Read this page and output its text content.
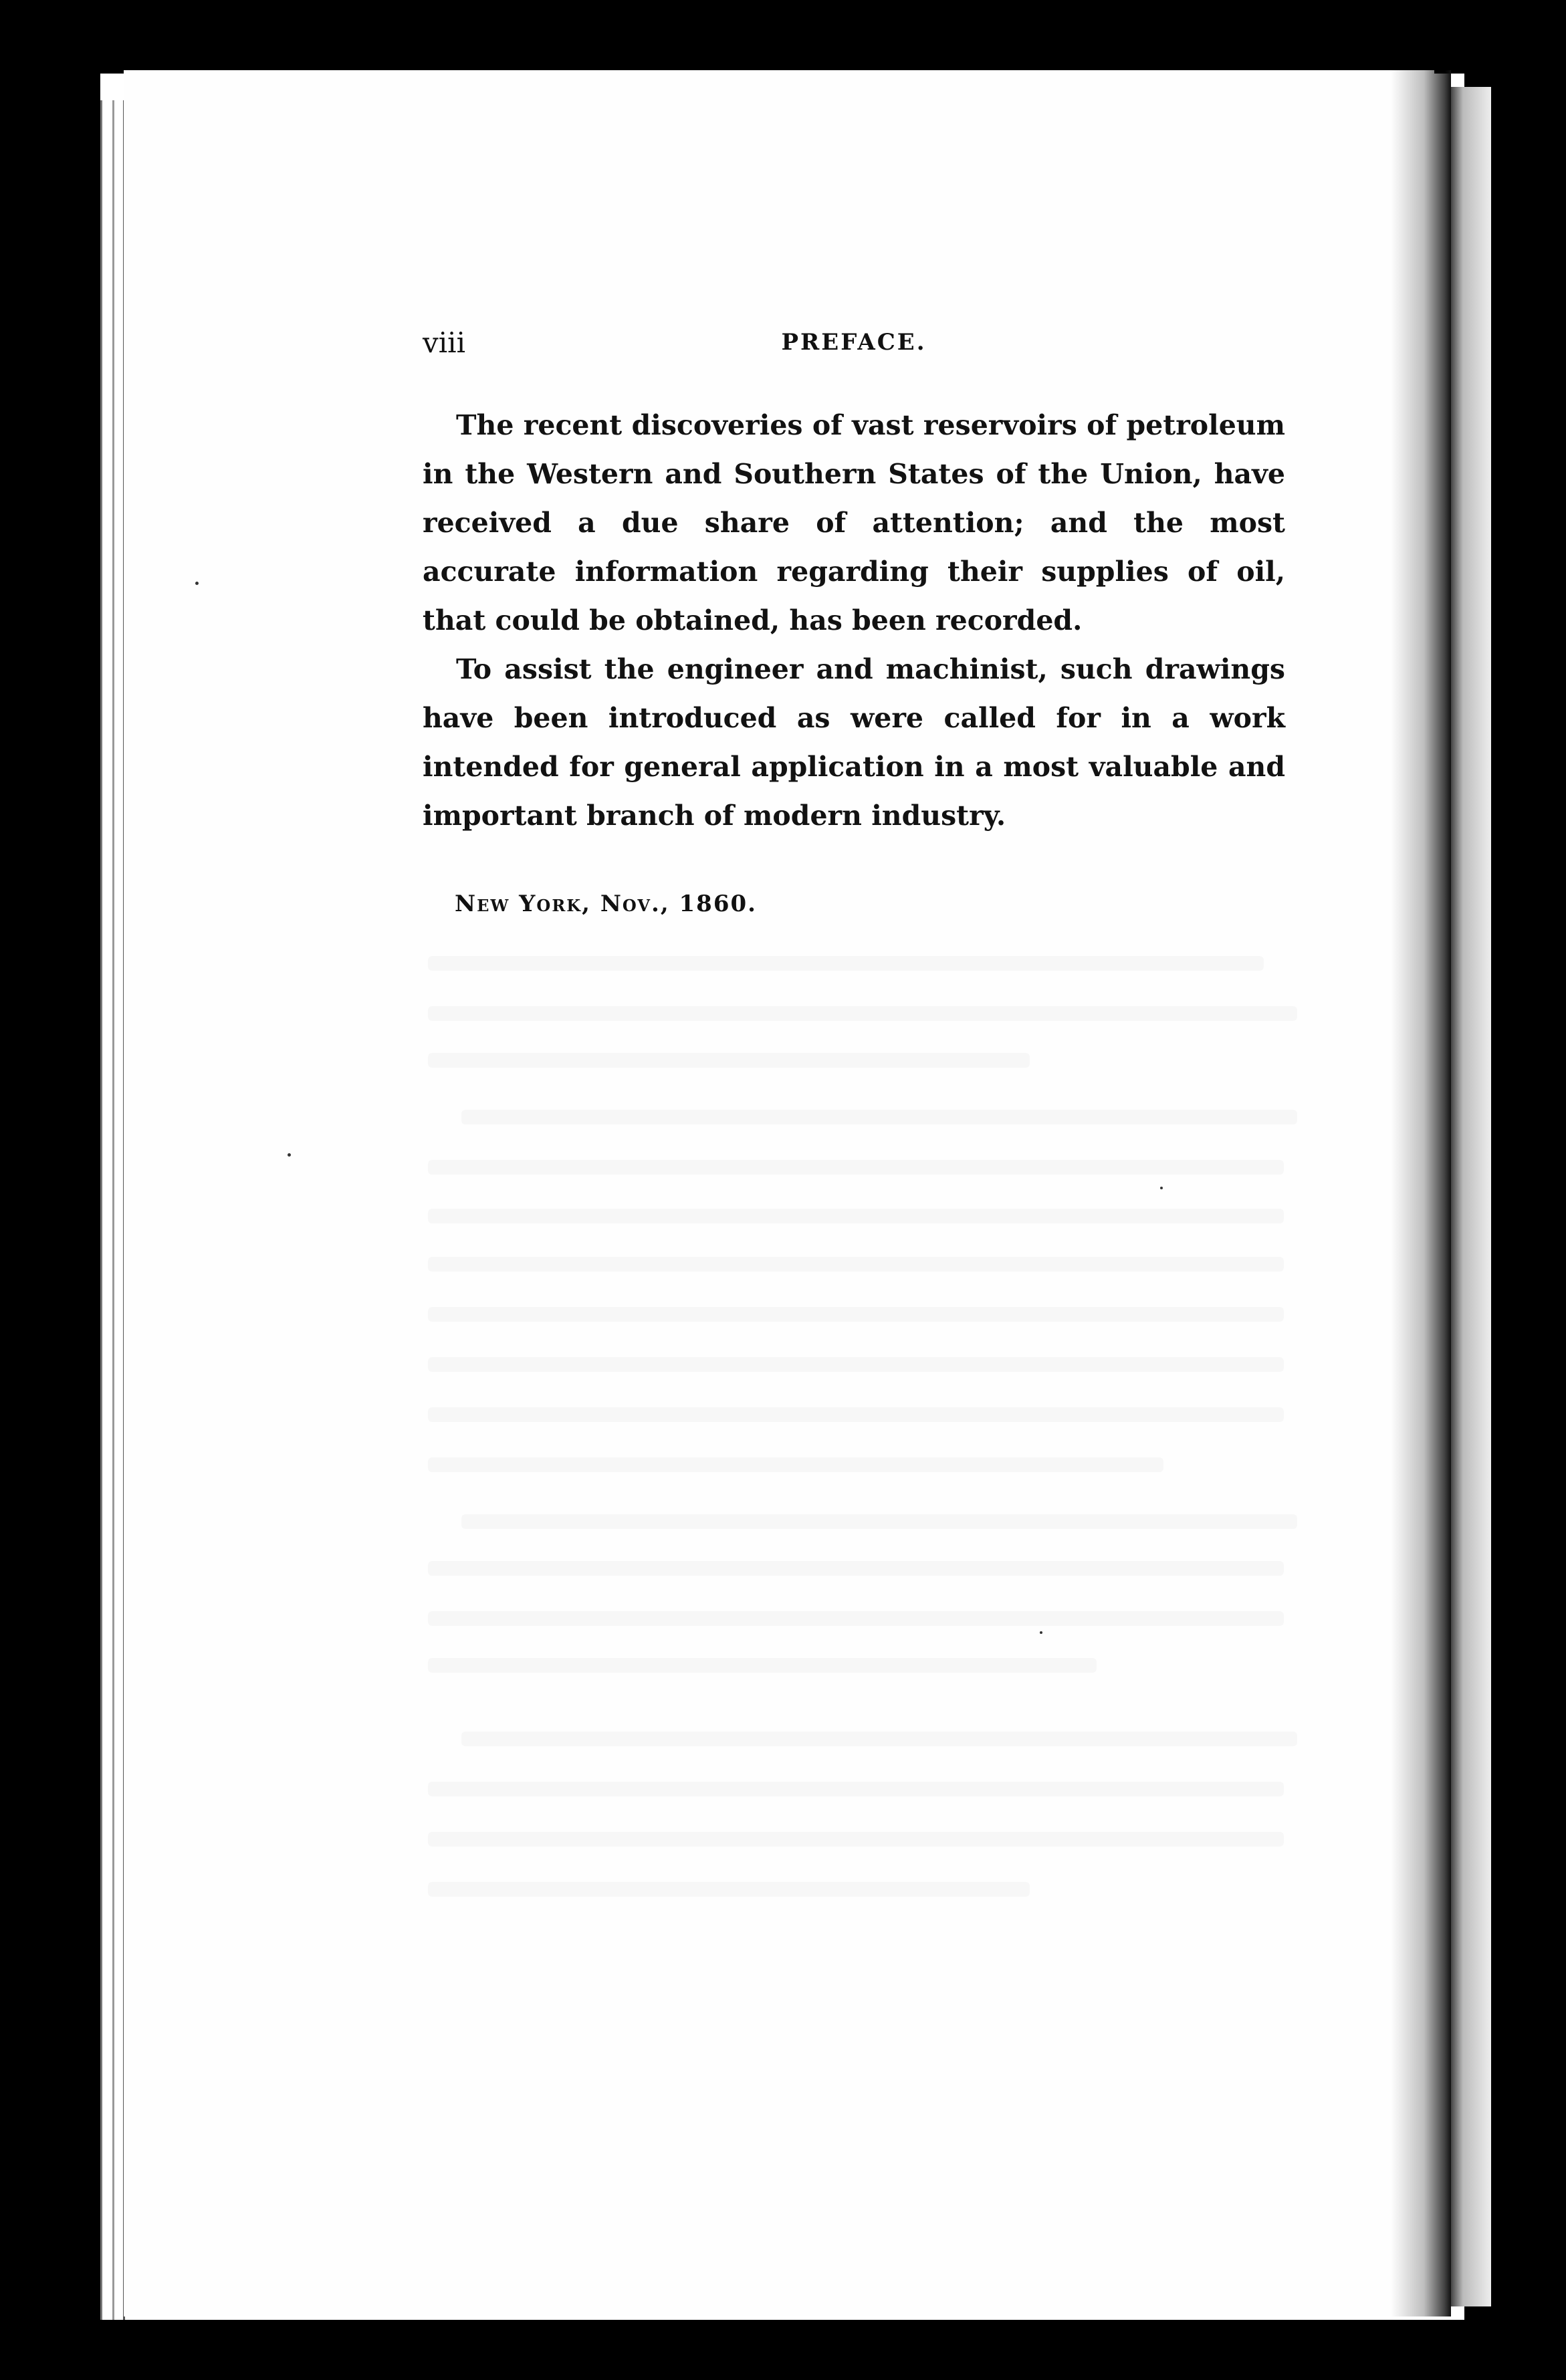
viii	PREFACE.

The recent discoveries of vast reservoirs of petroleum in the Western and Southern States of the Union, have received a due share of attention; and the most accurate information regarding their supplies of oil, that could be obtained, has been recorded.

To assist the engineer and machinist, such drawings have been introduced as were called for in a work intended for general application in a most valuable and important branch of modern industry.

New York, Nov., 1860.
